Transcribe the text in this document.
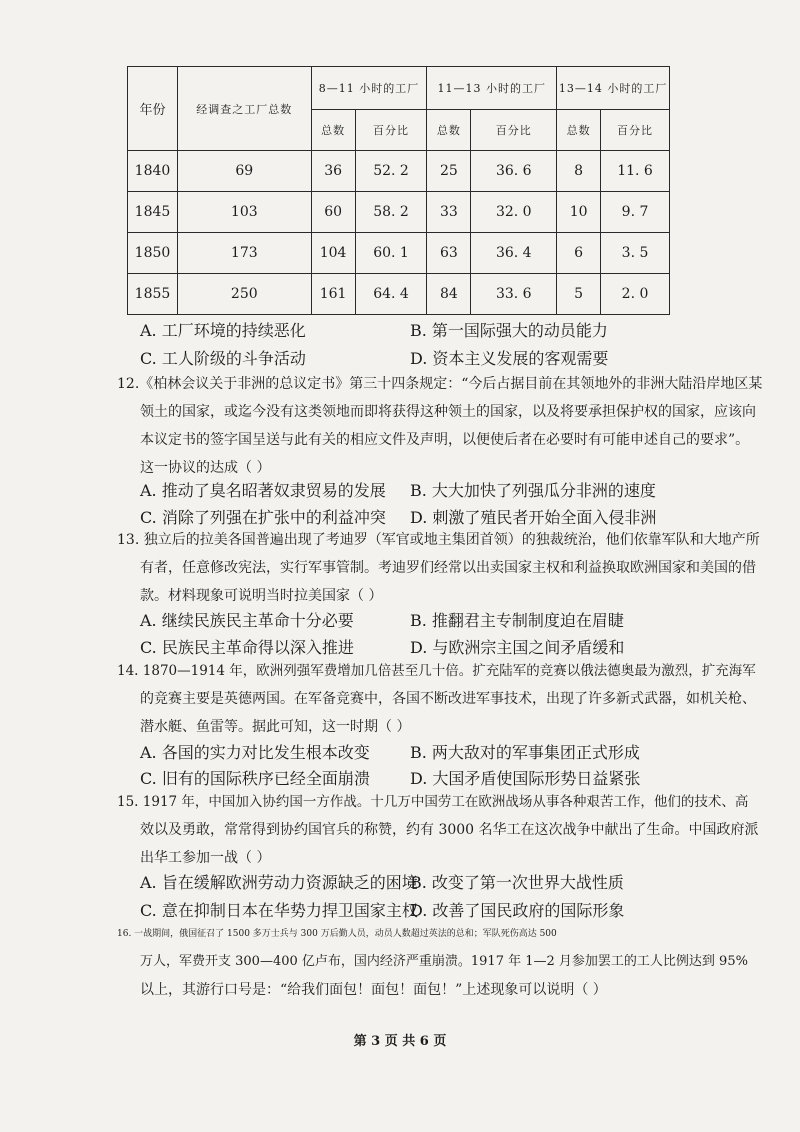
年份	经调查之工厂总数	8—11 小时的工厂		11—13 小时的工厂		13—14 小时的工厂	
		总数	百分比	总数	百分比	总数	百分比
1840	69	36	52. 2	25	36. 6	8	11. 6
1845	103	60	58. 2	33	32. 0	10	9. 7
1850	173	104	60. 1	63	36. 4	6	3. 5
1855	250	161	64. 4	84	33. 6	5	2. 0
A. 工厂环境的持续恶化	B. 第一国际强大的动员能力
C. 工人阶级的斗争活动	D. 资本主义发展的客观需要
12.《柏林会议关于非洲的总议定书》第三十四条规定：“今后占据目前在其领地外的非洲大陆沿岸地区某
领土的国家，或迄今没有这类领地而即将获得这种领土的国家，以及将要承担保护权的国家，应该向
本议定书的签字国呈送与此有关的相应文件及声明，以便使后者在必要时有可能申述自己的要求”。
这一协议的达成（ ）
A. 推动了臭名昭著奴隶贸易的发展 B. 大大加快了列强瓜分非洲的速度
C. 消除了列强在扩张中的利益冲突 D. 刺激了殖民者开始全面入侵非洲
13. 独立后的拉美各国普遍出现了考迪罗（军官或地主集团首领）的独裁统治，他们依靠军队和大地产所
有者，任意修改宪法，实行军事管制。考迪罗们经常以出卖国家主权和利益换取欧洲国家和美国的借
款。材料现象可说明当时拉美国家（ ）
A. 继续民族民主革命十分必要	B. 推翻君主专制制度迫在眉睫
C. 民族民主革命得以深入推进	D. 与欧洲宗主国之间矛盾缓和
14. 1870—1914 年，欧洲列强军费增加几倍甚至几十倍。扩充陆军的竞赛以俄法德奥最为激烈，扩充海军
的竞赛主要是英德两国。在军备竞赛中，各国不断改进军事技术，出现了许多新式武器，如机关枪、
潜水艇、鱼雷等。据此可知，这一时期（ ）
A. 各国的实力对比发生根本改变	B. 两大敌对的军事集团正式形成
C. 旧有的国际秩序已经全面崩溃	D. 大国矛盾使国际形势日益紧张
15. 1917 年，中国加入协约国一方作战。十几万中国劳工在欧洲战场从事各种艰苦工作，他们的技术、高
效以及勇敢，常常得到协约国官兵的称赞，约有 3000 名华工在这次战争中献出了生命。中国政府派
出华工参加一战（ ）
A. 旨在缓解欧洲劳动力资源缺乏的困境
B. 改变了第一次世界大战性质
C. 意在抑制日本在华势力捍卫国家主权
D. 改善了国民政府的国际形象
16. 一战期间，俄国征召了 1500 多万士兵与 300 万后勤人员，动员人数超过英法的总和；军队死伤高达 500
万人，军费开支 300—400 亿卢布，国内经济严重崩溃。1917 年 1—2 月参加罢工的工人比例达到 95%
以上，其游行口号是：“给我们面包！面包！面包！”上述现象可以说明（ ）
第 3 页 共 6 页
